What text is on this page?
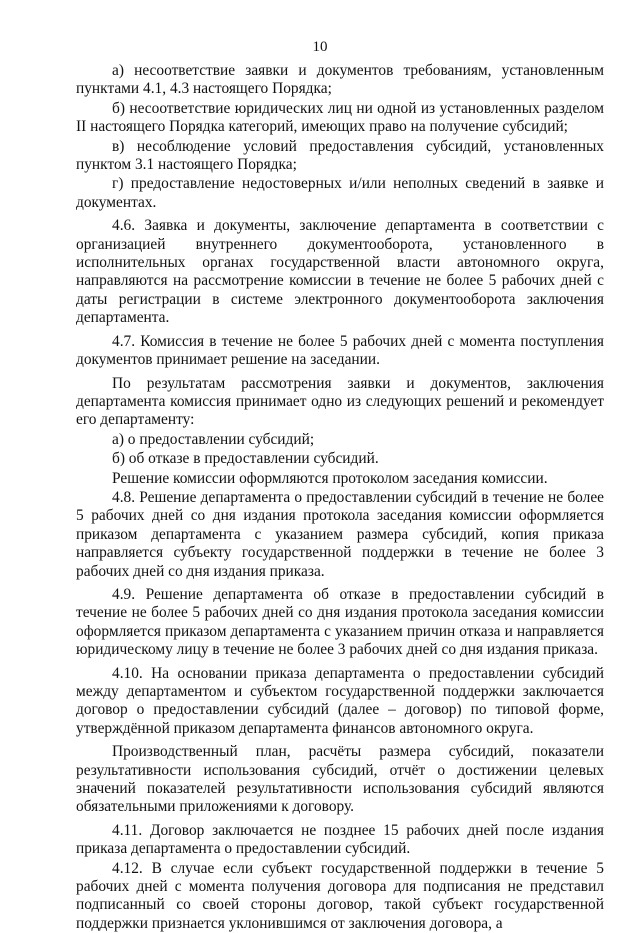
10

а) несоответствие заявки и документов требованиям, установленным пунктами 4.1, 4.3 настоящего Порядка;

б) несоответствие юридических лиц ни одной из установленных разделом II настоящего Порядка категорий, имеющих право на получение субсидий;

в) несоблюдение условий предоставления субсидий, установленных пунктом 3.1 настоящего Порядка;

г) предоставление недостоверных и/или неполных сведений в заявке и документах.

4.6. Заявка и документы, заключение департамента в соответствии с организацией внутреннего документооборота, установленного в исполнительных органах государственной власти автономного округа, направляются на рассмотрение комиссии в течение не более 5 рабочих дней с даты регистрации в системе электронного документооборота заключения департамента.

4.7. Комиссия в течение не более 5 рабочих дней с момента поступления документов принимает решение на заседании.

По результатам рассмотрения заявки и документов, заключения департамента комиссия принимает одно из следующих решений и рекомендует его департаменту:

а) о предоставлении субсидий;

б) об отказе в предоставлении субсидий.

Решение комиссии оформляются протоколом заседания комиссии.

4.8. Решение департамента о предоставлении субсидий в течение не более 5 рабочих дней со дня издания протокола заседания комиссии оформляется приказом департамента с указанием размера субсидий, копия приказа направляется субъекту государственной поддержки в течение не более 3 рабочих дней со дня издания приказа.

4.9. Решение департамента об отказе в предоставлении субсидий в течение не более 5 рабочих дней со дня издания протокола заседания комиссии оформляется приказом департамента с указанием причин отказа и направляется юридическому лицу в течение не более 3 рабочих дней со дня издания приказа.

4.10. На основании приказа департамента о предоставлении субсидий между департаментом и субъектом государственной поддержки заключается договор о предоставлении субсидий (далее – договор) по типовой форме, утверждённой приказом департамента финансов автономного округа.

Производственный план, расчёты размера субсидий, показатели результативности использования субсидий, отчёт о достижении целевых значений показателей результативности использования субсидий являются обязательными приложениями к договору.

4.11. Договор заключается не позднее 15 рабочих дней после издания приказа департамента о предоставлении субсидий.

4.12. В случае если субъект государственной поддержки в течение 5 рабочих дней с момента получения договора для подписания не представил подписанный со своей стороны договор, такой субъект государственной поддержки признается уклонившимся от заключения договора, а
